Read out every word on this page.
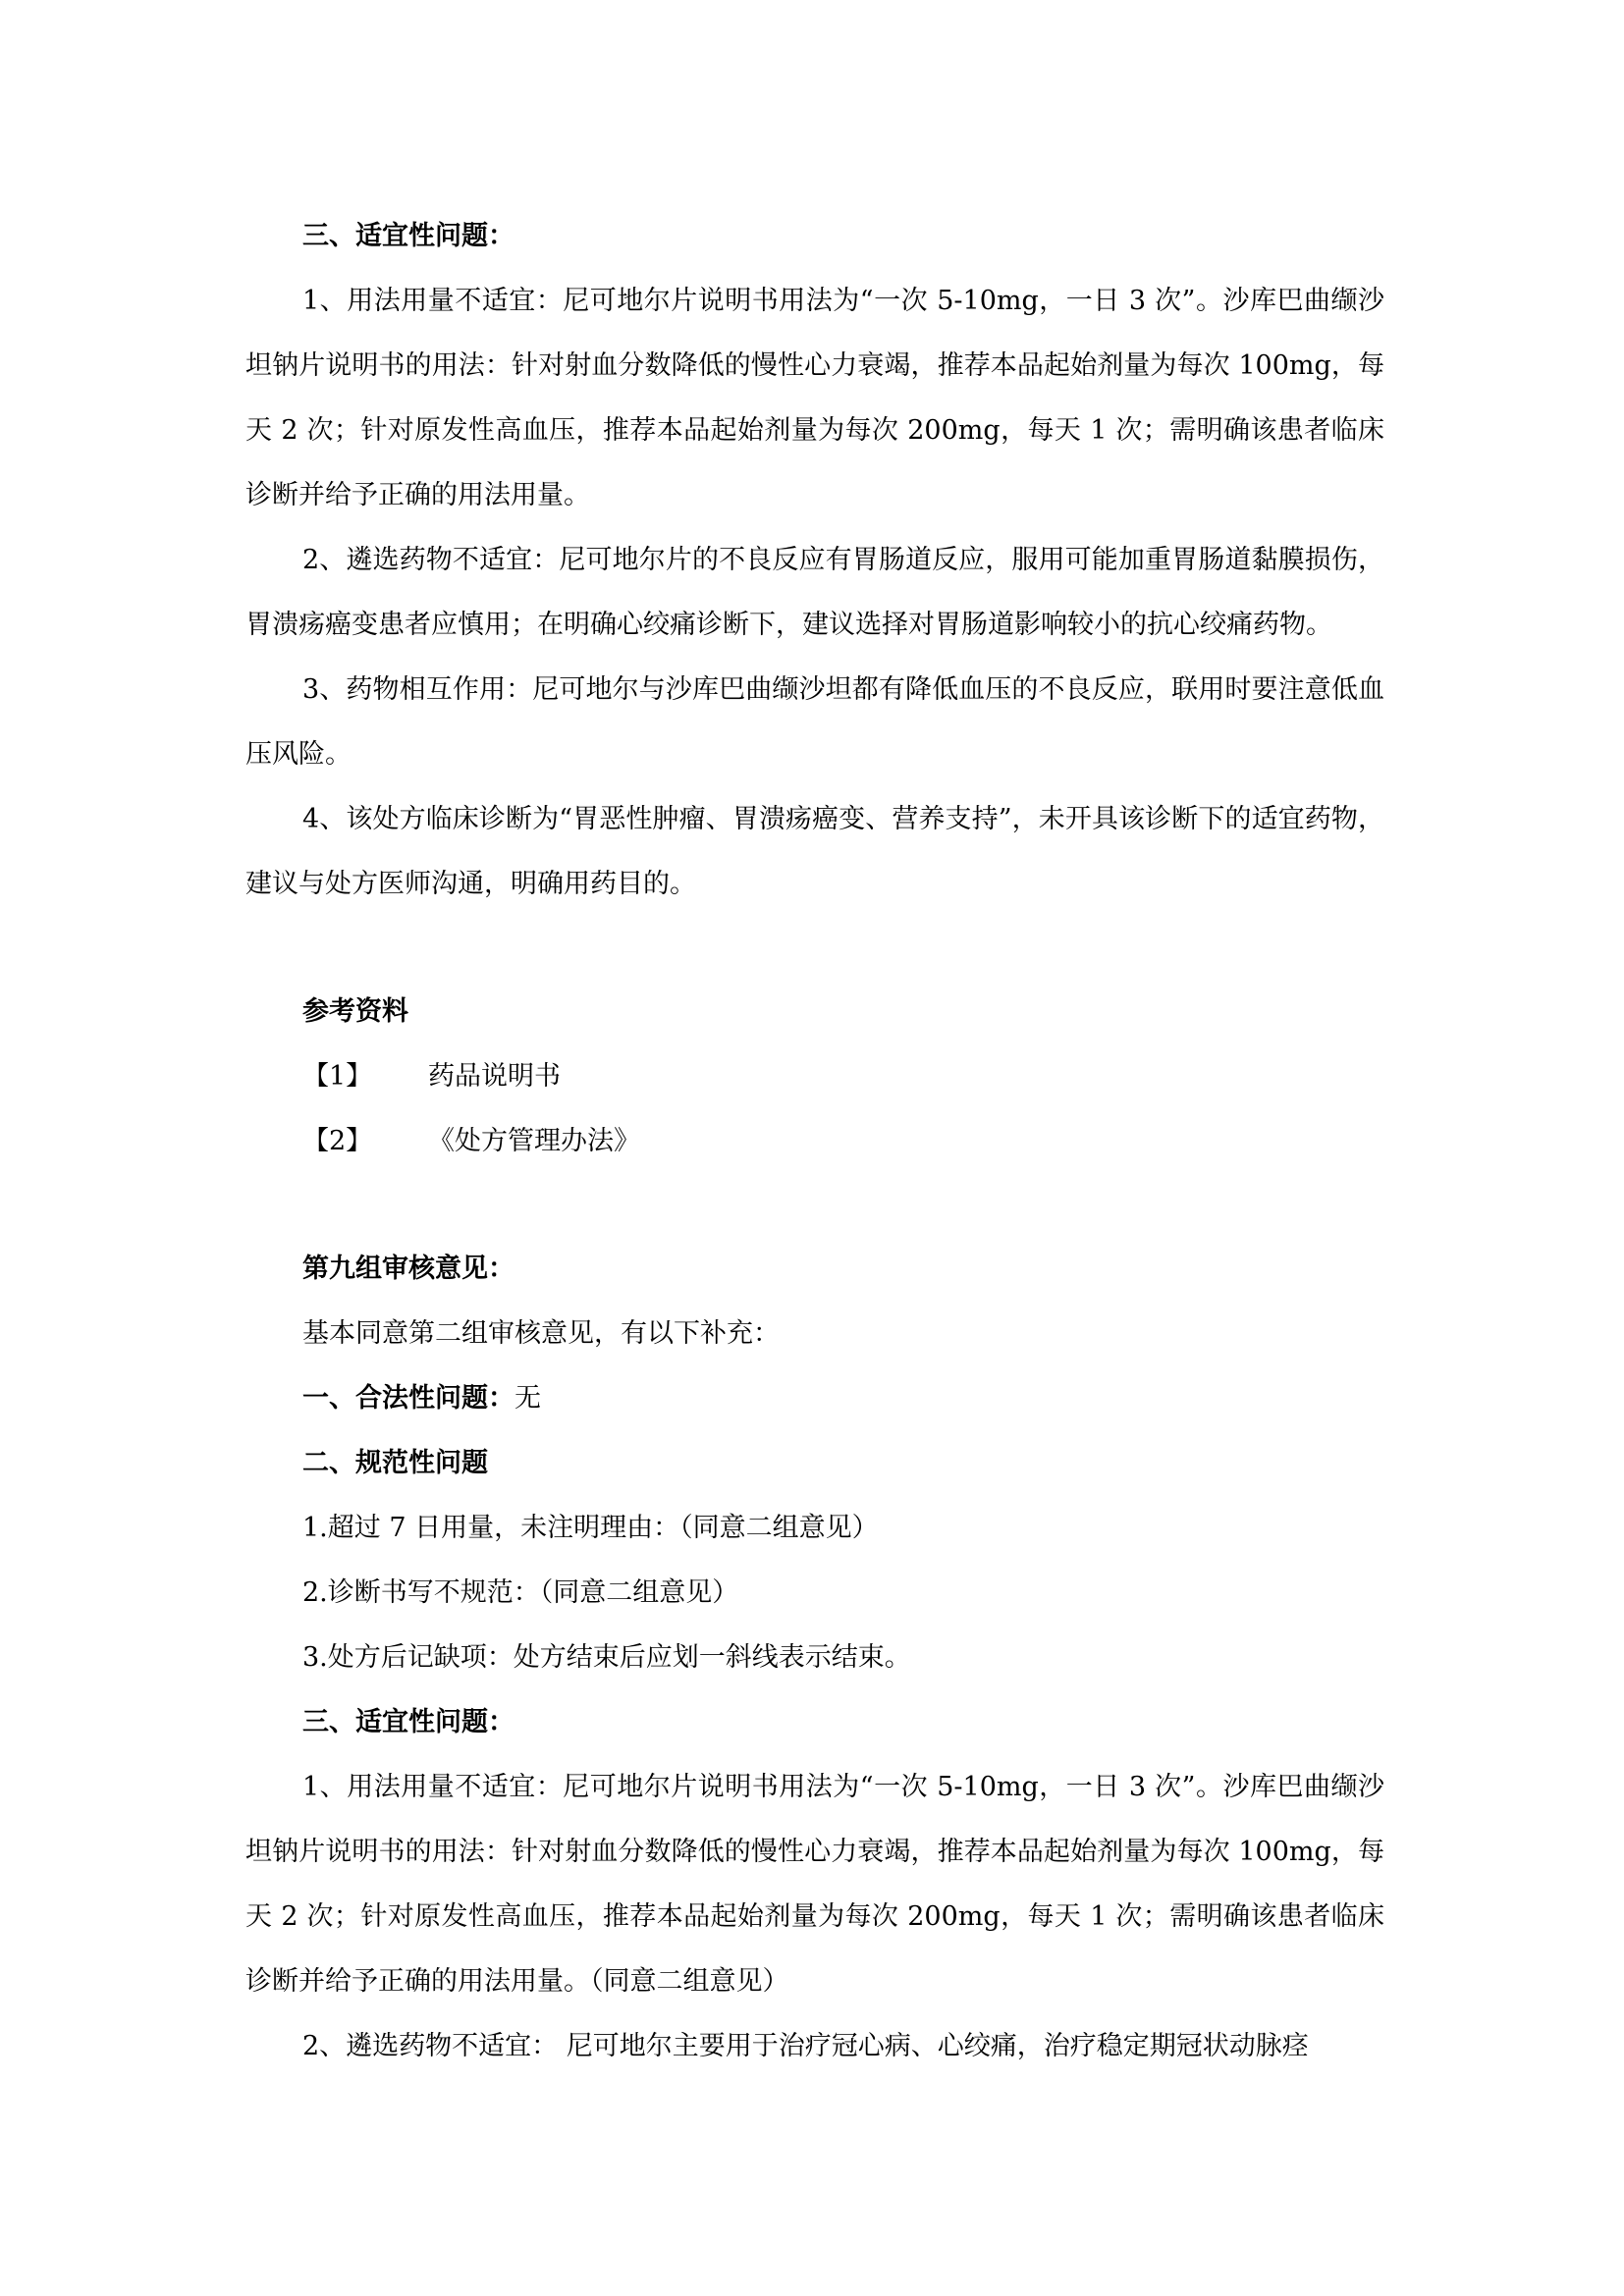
三、适宜性问题：

1、用法用量不适宜：尼可地尔片说明书用法为“一次 5-10mg，一日 3 次”。沙库巴曲缬沙坦钠片说明书的用法：针对射血分数降低的慢性心力衰竭，推荐本品起始剂量为每次 100mg，每天 2 次；针对原发性高血压，推荐本品起始剂量为每次 200mg，每天 1 次；需明确该患者临床诊断并给予正确的用法用量。

2、遴选药物不适宜：尼可地尔片的不良反应有胃肠道反应，服用可能加重胃肠道黏膜损伤，胃溃疡癌变患者应慎用；在明确心绞痛诊断下，建议选择对胃肠道影响较小的抗心绞痛药物。

3、药物相互作用：尼可地尔与沙库巴曲缬沙坦都有降低血压的不良反应，联用时要注意低血压风险。

4、该处方临床诊断为“胃恶性肿瘤、胃溃疡癌变、营养支持”，未开具该诊断下的适宜药物，建议与处方医师沟通，明确用药目的。

参考资料

【1】	药品说明书
【2】	《处方管理办法》

第九组审核意见：

基本同意第二组审核意见，有以下补充：

一、合法性问题：无

二、规范性问题

1.超过 7 日用量，未注明理由：（同意二组意见）

2.诊断书写不规范：（同意二组意见）

3.处方后记缺项：处方结束后应划一斜线表示结束。

三、适宜性问题：

1、用法用量不适宜：尼可地尔片说明书用法为“一次 5-10mg，一日 3 次”。沙库巴曲缬沙坦钠片说明书的用法：针对射血分数降低的慢性心力衰竭，推荐本品起始剂量为每次 100mg，每天 2 次；针对原发性高血压，推荐本品起始剂量为每次 200mg，每天 1 次；需明确该患者临床诊断并给予正确的用法用量。（同意二组意见）

2、遴选药物不适宜： 尼可地尔主要用于治疗冠心病、心绞痛，治疗稳定期冠状动脉痉
